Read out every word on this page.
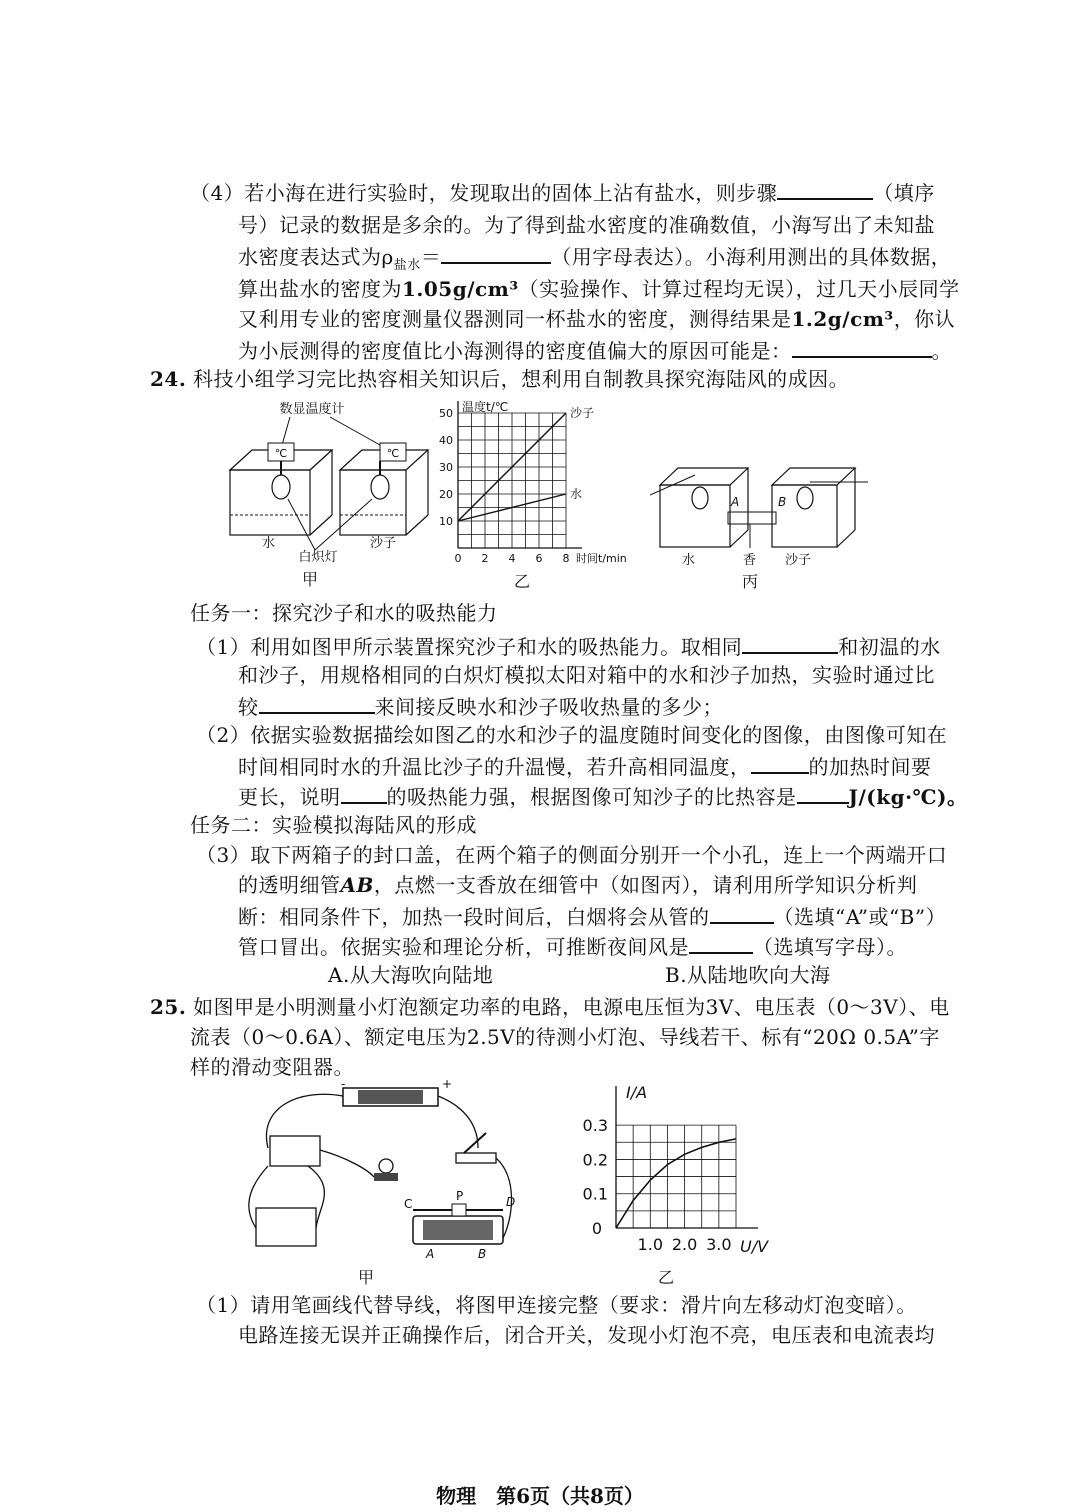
（4）若小海在进行实验时，发现取出的固体上沾有盐水，则步骤	（填序
号）记录的数据是多余的。为了得到盐水密度的准确数值，小海写出了未知盐
水密度表达式为$\rho_{盐水}=$	（用字母表达）。小海利用测出的具体数据，
算出盐水的密度为1.05g/cm³（实验操作、计算过程均无误），过几天小辰同学
又利用专业的密度测量仪器测同一杯盐水的密度，测得结果是1.2g/cm³，你认
为小辰测得的密度值比小海测得的密度值偏大的原因可能是：	。
24. 科技小组学习完比热容相关知识后，想利用自制教具探究海陆风的成因。
数显温度计
℃	℃
水
白炽灯
沙子
甲
0 2 4 6 8
10
20
30
40
50 温度t/℃
时间t/min
沙子
水
乙
A	B
水	香 沙子
丙
任务一：探究沙子和水的吸热能力
（1）利用如图甲所示装置探究沙子和水的吸热能力。取相同	和初温的水
和沙子，用规格相同的白炽灯模拟太阳对箱中的水和沙子加热，实验时通过比
较	来间接反映水和沙子吸收热量的多少；
（2）依据实验数据描绘如图乙的水和沙子的温度随时间变化的图像，由图像可知在
时间相同时水的升温比沙子的升温慢，若升高相同温度，	的加热时间要
更长，说明 的吸热能力强，根据图像可知沙子的比热容是	J/(kg·℃)。
任务二：实验模拟海陆风的形成
（3）取下两箱子的封口盖，在两个箱子的侧面分别开一个小孔，连上一个两端开口
的透明细管AB，点燃一支香放在细管中（如图丙），请利用所学知识分析判
断：相同条件下，加热一段时间后，白烟将会从管的	（选填“A”或“B”）
管口冒出。依据实验和理论分析，可推断夜间风是	（选填写字母）。
A.从大海吹向陆地	B.从陆地吹向大海
25. 如图甲是小明测量小灯泡额定功率的电路，电源电压恒为3V、电压表（0～3V）、电
流表（0～0.6A）、额定电压为2.5V的待测小灯泡、导线若干、标有“20Ω 0.5A”字
样的滑动变阻器。
-	+
C
P	D
A	B
甲
1.0 2.0 3.0
0.1
0.2
0.3
0
I/A
U/V
乙
（1）请用笔画线代替导线，将图甲连接完整（要求：滑片向左移动灯泡变暗）。
电路连接无误并正确操作后，闭合开关，发现小灯泡不亮，电压表和电流表均
物理　第6页（共8页）
